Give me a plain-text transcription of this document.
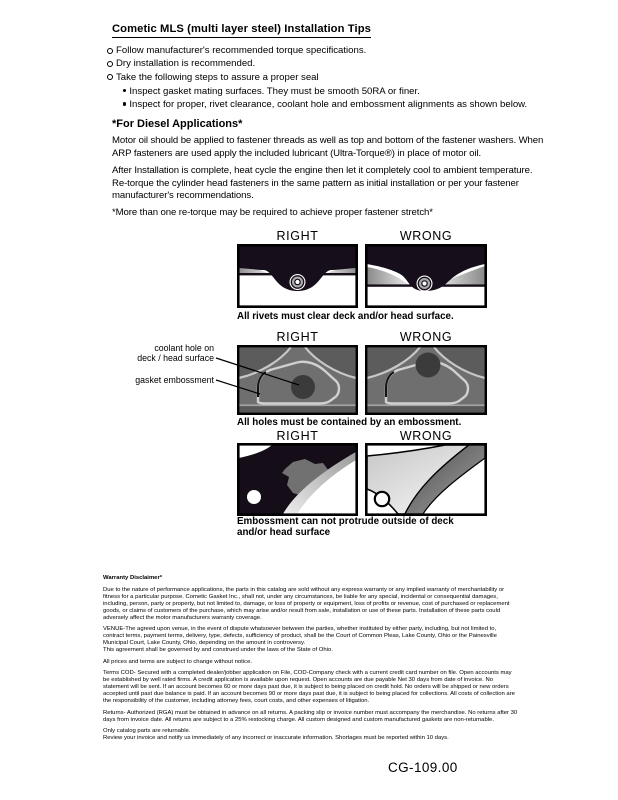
Cometic MLS (multi layer steel) Installation Tips
Follow manufacturer's recommended torque specifications.
Dry installation is recommended.
Take the following steps to assure a proper seal
Inspect gasket mating surfaces. They must be smooth 50RA or finer.
Inspect for proper, rivet clearance, coolant hole and embossment alignments as shown below.
*For Diesel Applications*
Motor oil should be applied to fastener threads as well as top and bottom of the fastener washers. When ARP fasteners are used apply the included lubricant (Ultra-Torque®) in place of motor oil.
After Installation is complete, heat cycle the engine then let it completely cool to ambient temperature. Re-torque the cylinder head fasteners in the same pattern as initial installation or per your fastener manufacturer's recommendations.
*More than one re-torque may be required to achieve proper fastener stretch*
RIGHT	WRONG
All rivets must clear deck and/or head surface.
RIGHT	WRONG
coolant hole on
deck / head surface
gasket embossment
All holes must be contained by an embossment.
RIGHT	WRONG
Embossment can not protrude outside of deck
and/or head surface
Warranty Disclaimer*
Due to the nature of performance applications, the parts in this catalog are sold without any express warranty or any implied warranty of merchantability or fitness for a particular purpose. Cometic Gasket Inc., shall not, under any circumstances, be liable for any special, incidental or consequential damages, including, person, party or property, but not limited to, damage, or loss of property or equipment, loss of profits or revenue, cost of purchased or replacement goods, or claims of customers of the purchase, which may arise and/or result from sale, installation or use of these parts. Installation of these parts could adversely affect the motor manufacturers warranty coverage.
VENUE-The agreed upon venue, in the event of dispute whatsoever between the parties, whether instituted by either party, including, but not limited to, contract terms, payment terms, delivery, type, defects, sufficiency of product, shall be the Court of Common Pleas, Lake County, Ohio or the Painesville Municipal Court, Lake County, Ohio, depending on the amount in controversy.
This agreement shall be governed by and construed under the laws of the State of Ohio.
All prices and terms are subject to change without notice.
Terms COD- Secured with a completed dealer/jobber application on File, COD-Company check with a current credit card number on file. Open accounts may be established by well rated firms. A credit application is available upon request. Open accounts are due payable Net 30 days from date of invoice. No statement will be sent. If an account becomes 60 or more days past due, it is subject to being placed on credit hold. No orders will be shipped or new orders accepted until past due balance is paid. If an account becomes 90 or more days past due, it is subject to being placed for collections. All costs of collection are the responsibility of the customer, including attorney fees, court costs, and other expenses of litigation.
Returns- Authorized (RGA) must be obtained in advance on all returns. A packing slip or invoice number must accompany the merchandise. No returns after 30 days from invoice date. All returns are subject to a 25% restocking charge. All custom designed and custom manufactured gaskets are non-returnable.
Only catalog parts are returnable.
Review your invoice and notify us immediately of any incorrect or inaccurate information. Shortages must be reported within 10 days.
CG-109.00
